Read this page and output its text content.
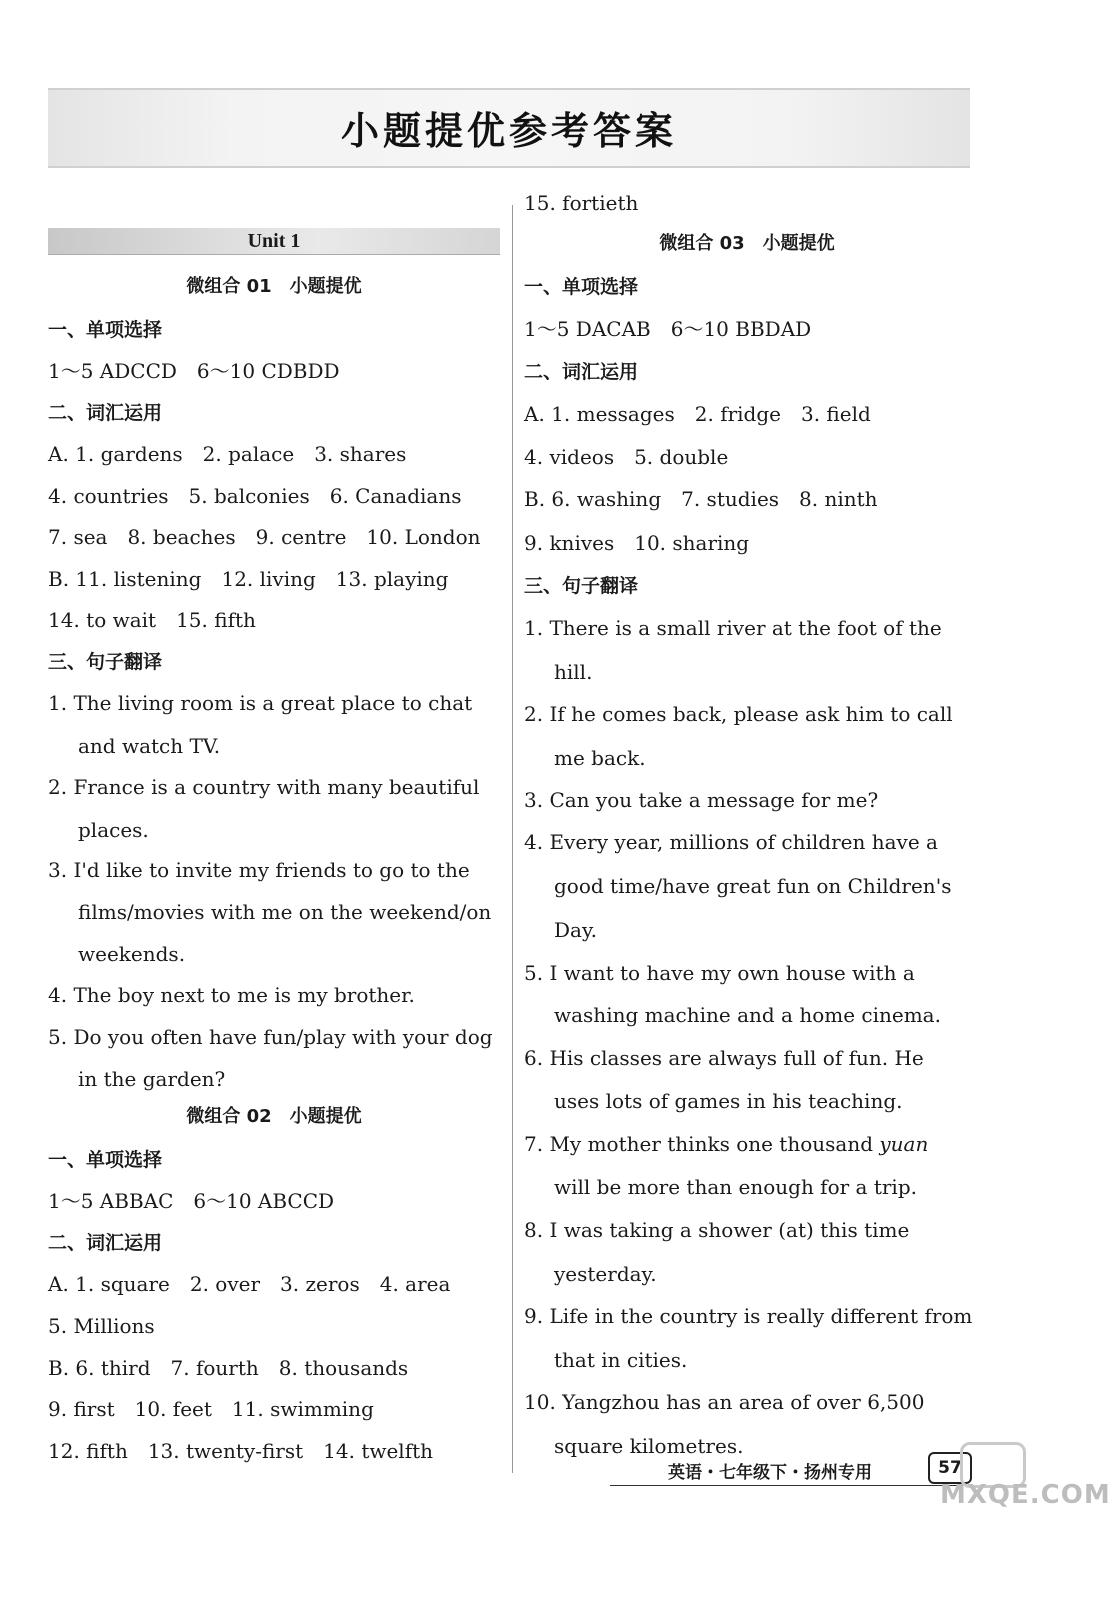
小题提优参考答案
Unit 1
微组合 01　小题提优
一、单项选择
1～5 ADCCD　6～10 CDBDD
二、词汇运用
A. 1. gardens　2. palace　3. shares
4. countries　5. balconies　6. Canadians
7. sea　8. beaches　9. centre　10. London
B. 11. listening　12. living　13. playing
14. to wait　15. fifth
三、句子翻译
1. The living room is a great place to chat
and watch TV.
2. France is a country with many beautiful
places.
3. I'd like to invite my friends to go to the
films/movies with me on the weekend/on
weekends.
4. The boy next to me is my brother.
5. Do you often have fun/play with your dog
in the garden?
微组合 02　小题提优
一、单项选择
1～5 ABBAC　6～10 ABCCD
二、词汇运用
A. 1. square　2. over　3. zeros　4. area
5. Millions
B. 6. third　7. fourth　8. thousands
9. first　10. feet　11. swimming
12. fifth　13. twenty-first　14. twelfth
15. fortieth
微组合 03　小题提优
一、单项选择
1～5 DACAB　6～10 BBDAD
二、词汇运用
A. 1. messages　2. fridge　3. field
4. videos　5. double
B. 6. washing　7. studies　8. ninth
9. knives　10. sharing
三、句子翻译
1. There is a small river at the foot of the
hill.
2. If he comes back, please ask him to call
me back.
3. Can you take a message for me?
4. Every year, millions of children have a
good time/have great fun on Children's
Day.
5. I want to have my own house with a
washing machine and a home cinema.
6. His classes are always full of fun. He
uses lots of games in his teaching.
7. My mother thinks one thousand yuan
will be more than enough for a trip.
8. I was taking a shower (at) this time
yesterday.
9. Life in the country is really different from
that in cities.
10. Yangzhou has an area of over 6,500
square kilometres.
英语・七年级下・扬州专用	57
MXQE.COM
